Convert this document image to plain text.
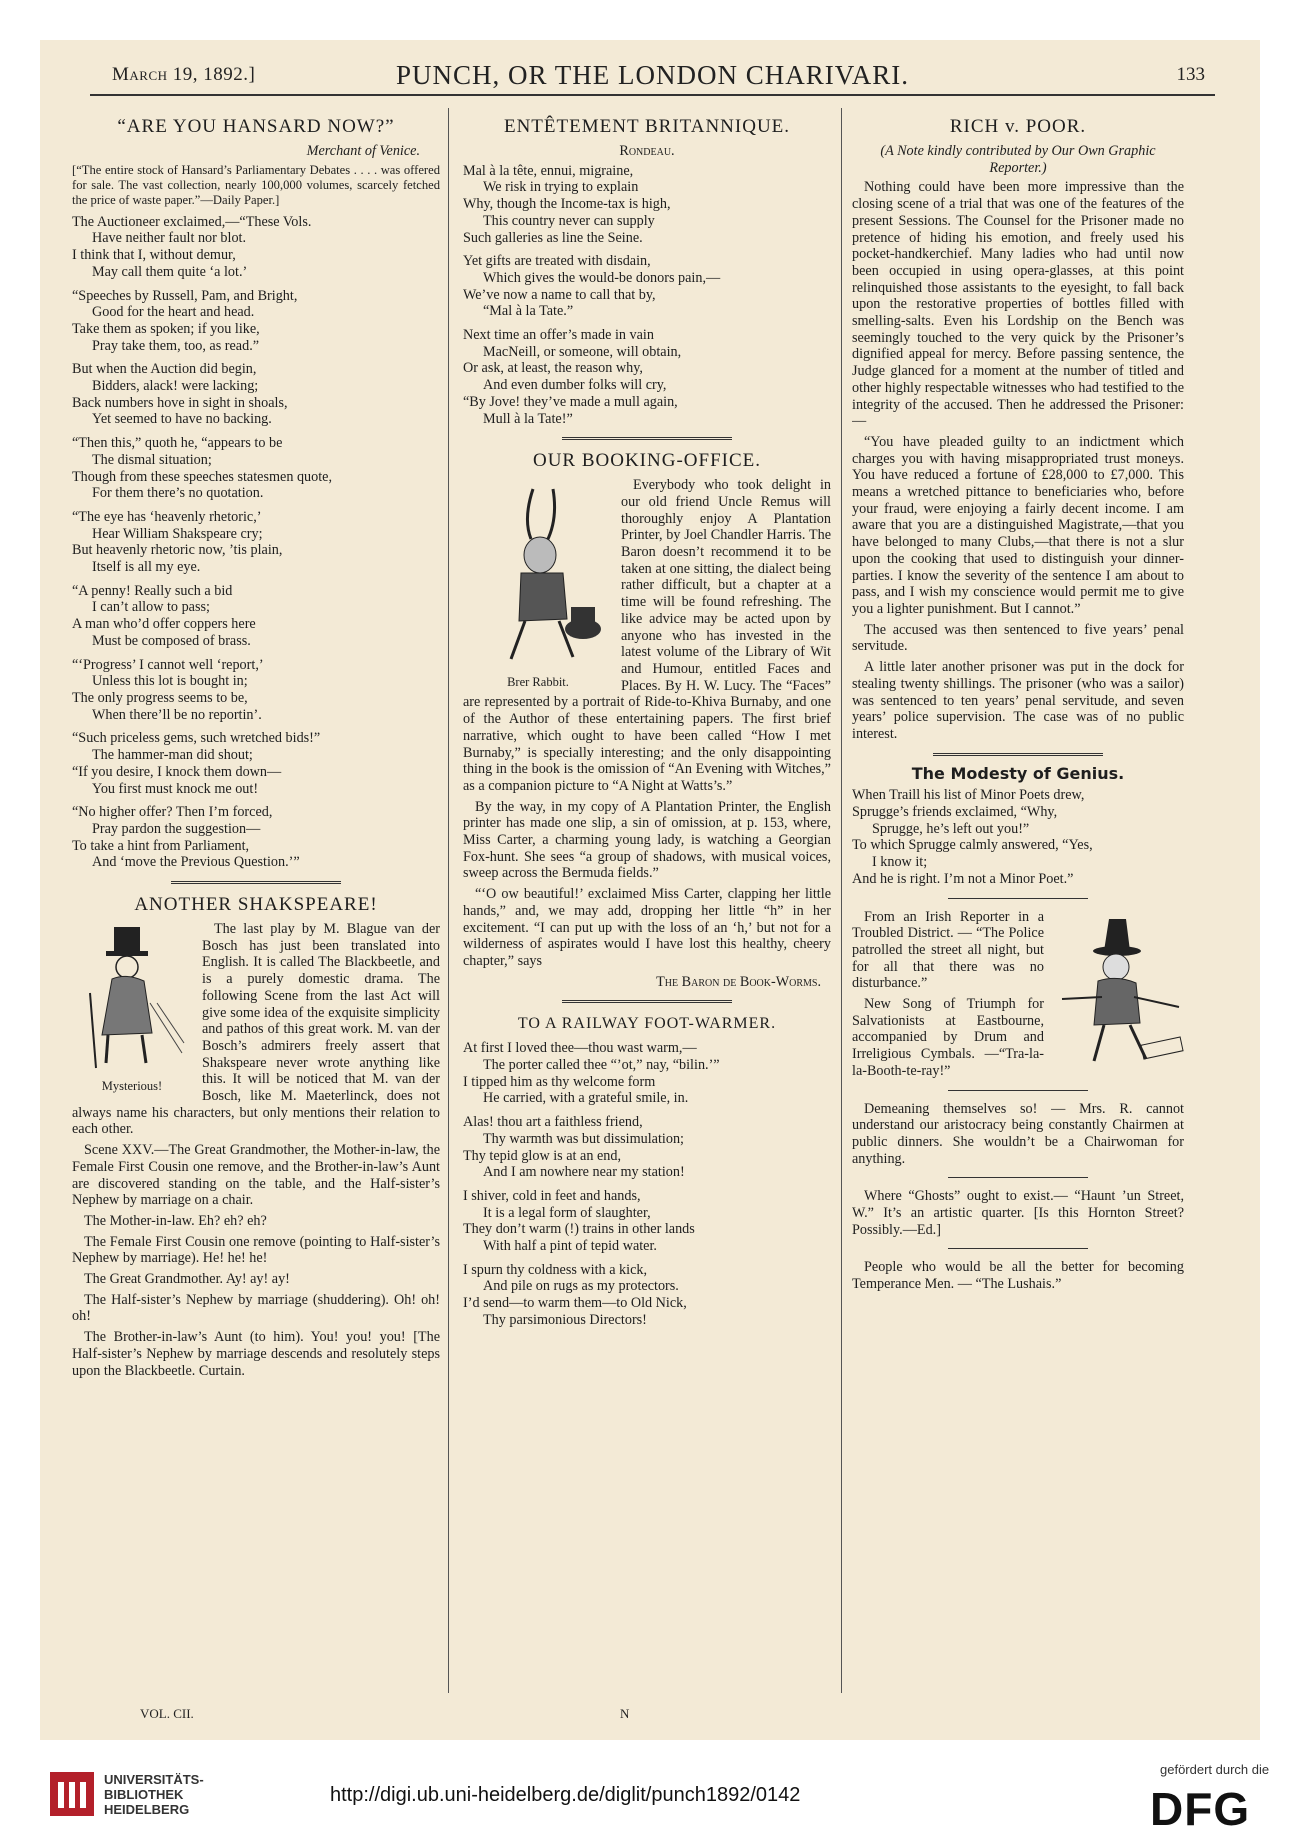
March 19, 1892.]	PUNCH, OR THE LONDON CHARIVARI.	133
“ARE YOU HANSARD NOW?”
Merchant of Venice.
[“The entire stock of Hansard’s Parliamentary Debates . . . . was offered for sale. The vast collection, nearly 100,000 volumes, scarcely fetched the price of waste paper.”—Daily Paper.]
The Auctioneer exclaimed,—“These Vols.
Have neither fault nor blot.
I think that I, without demur,
May call them quite ‘a lot.’
“Speeches by Russell, Pam, and Bright,
Good for the heart and head.
Take them as spoken; if you like,
Pray take them, too, as read.”
But when the Auction did begin,
Bidders, alack! were lacking;
Back numbers hove in sight in shoals,
Yet seemed to have no backing.
“Then this,” quoth he, “appears to be
The dismal situation;
Though from these speeches statesmen quote,
For them there’s no quotation.
“The eye has ‘heavenly rhetoric,’
Hear William Shakspeare cry;
But heavenly rhetoric now, ’tis plain,
Itself is all my eye.
“A penny! Really such a bid
I can’t allow to pass;
A man who’d offer coppers here
Must be composed of brass.
“‘Progress’ I cannot well ‘report,’
Unless this lot is bought in;
The only progress seems to be,
When there’ll be no reportin’.
“Such priceless gems, such wretched bids!”
The hammer-man did shout;
“If you desire, I knock them down—
You first must knock me out!
“No higher offer? Then I’m forced,
Pray pardon the suggestion—
To take a hint from Parliament,
And ‘move the Previous Question.’”
ANOTHER SHAKSPEARE!
Mysterious!
The last play by M. Blague van der Bosch has just been translated into English. It is called The Blackbeetle, and is a purely domestic drama. The following Scene from the last Act will give some idea of the exquisite simplicity and pathos of this great work. M. van der Bosch’s admirers freely assert that Shakspeare never wrote anything like this. It will be noticed that M. van der Bosch, like M. Maeterlinck, does not always name his characters, but only mentions their relation to each other.
Scene XXV.—The Great Grandmother, the Mother-in-law, the Female First Cousin one remove, and the Brother-in-law’s Aunt are discovered standing on the table, and the Half-sister’s Nephew by marriage on a chair.
The Mother-in-law. Eh? eh? eh?
The Female First Cousin one remove (pointing to Half-sister’s Nephew by marriage). He! he! he!
The Great Grandmother. Ay! ay! ay!
The Half-sister’s Nephew by marriage (shuddering). Oh! oh! oh!
The Brother-in-law’s Aunt (to him). You! you! you! [The Half-sister’s Nephew by marriage descends and resolutely steps upon the Blackbeetle. Curtain.
ENTÊTEMENT BRITANNIQUE.
Rondeau.
Mal à la tête, ennui, migraine,
We risk in trying to explain
Why, though the Income-tax is high,
This country never can supply
Such galleries as line the Seine.
Yet gifts are treated with disdain,
Which gives the would-be donors pain,—
We’ve now a name to call that by,
“Mal à la Tate.”
Next time an offer’s made in vain
MacNeill, or someone, will obtain,
Or ask, at least, the reason why,
And even dumber folks will cry,
“By Jove! they’ve made a mull again,
Mull à la Tate!”
OUR BOOKING-OFFICE.
Brer Rabbit.
Everybody who took delight in our old friend Uncle Remus will thoroughly enjoy A Plantation Printer, by Joel Chandler Harris. The Baron doesn’t recommend it to be taken at one sitting, the dialect being rather difficult, but a chapter at a time will be found refreshing. The like advice may be acted upon by anyone who has invested in the latest volume of the Library of Wit and Humour, entitled Faces and Places. By H. W. Lucy. The “Faces” are represented by a portrait of Ride-to-Khiva Burnaby, and one of the Author of these entertaining papers. The first brief narrative, which ought to have been called “How I met Burnaby,” is specially interesting; and the only disappointing thing in the book is the omission of “An Evening with Witches,” as a companion picture to “A Night at Watts’s.”
By the way, in my copy of A Plantation Printer, the English printer has made one slip, a sin of omission, at p. 153, where, Miss Carter, a charming young lady, is watching a Georgian Fox-hunt. She sees “a group of shadows, with musical voices, sweep across the Bermuda fields.”
“‘O ow beautiful!’ exclaimed Miss Carter, clapping her little hands,” and, we may add, dropping her little “h” in her excitement. “I can put up with the loss of an ‘h,’ but not for a wilderness of aspirates would I have lost this healthy, cheery chapter,” says
The Baron de Book-Worms.
TO A RAILWAY FOOT-WARMER.
At first I loved thee—thou wast warm,—
The porter called thee “’ot,” nay, “bilin.’”
I tipped him as thy welcome form
He carried, with a grateful smile, in.
Alas! thou art a faithless friend,
Thy warmth was but dissimulation;
Thy tepid glow is at an end,
And I am nowhere near my station!
I shiver, cold in feet and hands,
It is a legal form of slaughter,
They don’t warm (!) trains in other lands
With half a pint of tepid water.
I spurn thy coldness with a kick,
And pile on rugs as my protectors.
I’d send—to warm them—to Old Nick,
Thy parsimonious Directors!
RICH v. POOR.
(A Note kindly contributed by Our Own Graphic Reporter.)
Nothing could have been more impressive than the closing scene of a trial that was one of the features of the present Sessions. The Counsel for the Prisoner made no pretence of hiding his emotion, and freely used his pocket-handkerchief. Many ladies who had until now been occupied in using opera-glasses, at this point relinquished those assistants to the eyesight, to fall back upon the restorative properties of bottles filled with smelling-salts. Even his Lordship on the Bench was seemingly touched to the very quick by the Prisoner’s dignified appeal for mercy. Before passing sentence, the Judge glanced for a moment at the number of titled and other highly respectable witnesses who had testified to the integrity of the accused. Then he addressed the Prisoner:—
“You have pleaded guilty to an indictment which charges you with having misappropriated trust moneys. You have reduced a fortune of £28,000 to £7,000. This means a wretched pittance to beneficiaries who, before your fraud, were enjoying a fairly decent income. I am aware that you are a distinguished Magistrate,—that you have belonged to many Clubs,—that there is not a slur upon the cooking that used to distinguish your dinner-parties. I know the severity of the sentence I am about to pass, and I wish my conscience would permit me to give you a lighter punishment. But I cannot.”
The accused was then sentenced to five years’ penal servitude.
A little later another prisoner was put in the dock for stealing twenty shillings. The prisoner (who was a sailor) was sentenced to ten years’ penal servitude, and seven years’ police supervision. The case was of no public interest.
The Modesty of Genius.
When Traill his list of Minor Poets drew,
Sprugge’s friends exclaimed, “Why,
Sprugge, he’s left out you!”
To which Sprugge calmly answered, “Yes,
I know it;
And he is right. I’m not a Minor Poet.”
From an Irish Reporter in a Troubled District. — “The Police patrolled the street all night, but for all that there was no disturbance.”
New Song of Triumph for Salvationists at Eastbourne, accompanied by Drum and Irreligious Cymbals. —“Tra-la-la-Booth-te-ray!”
Demeaning themselves so! — Mrs. R. cannot understand our aristocracy being constantly Chairmen at public dinners. She wouldn’t be a Chairwoman for anything.
Where “Ghosts” ought to exist.— “Haunt ’un Street, W.” It’s an artistic quarter. [Is this Hornton Street? Possibly.—Ed.]
People who would be all the better for becoming Temperance Men. — “The Lushais.”
VOL. CII.	N
UNIVERSITÄTS-
BIBLIOTHEK
HEIDELBERG
http://digi.ub.uni-heidelberg.de/diglit/punch1892/0142
gefördert durch die
DFG
